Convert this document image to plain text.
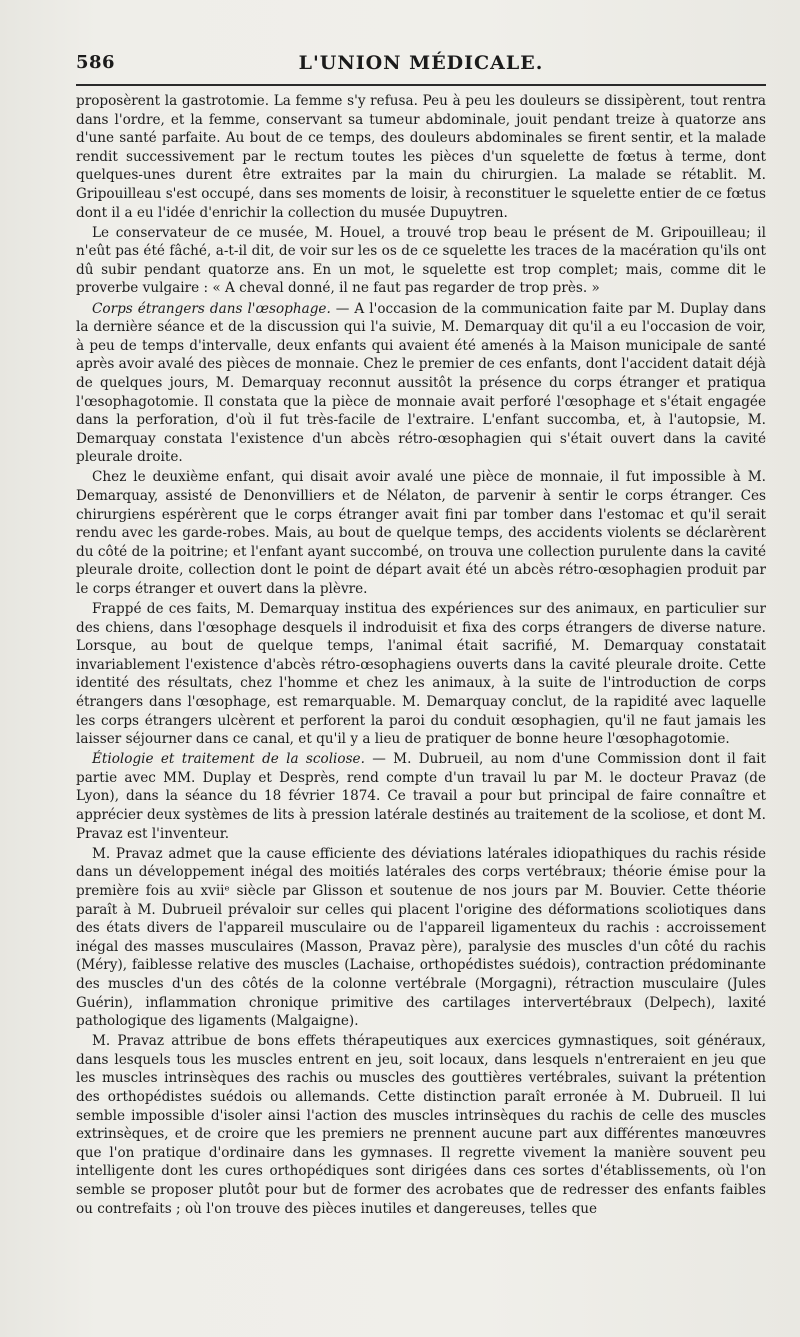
586	L'UNION MÉDICALE.

proposèrent la gastrotomie. La femme s'y refusa. Peu à peu les douleurs se dissipèrent, tout rentra dans l'ordre, et la femme, conservant sa tumeur abdominale, jouit pendant treize à quatorze ans d'une santé parfaite. Au bout de ce temps, des douleurs abdominales se firent sentir, et la malade rendit successivement par le rectum toutes les pièces d'un squelette de fœtus à terme, dont quelques-unes durent être extraites par la main du chirurgien. La malade se rétablit. M. Gripouilleau s'est occupé, dans ses moments de loisir, à reconstituer le squelette entier de ce fœtus dont il a eu l'idée d'enrichir la collection du musée Dupuytren.

Le conservateur de ce musée, M. Houel, a trouvé trop beau le présent de M. Gripouilleau; il n'eût pas été fâché, a-t-il dit, de voir sur les os de ce squelette les traces de la macération qu'ils ont dû subir pendant quatorze ans. En un mot, le squelette est trop complet; mais, comme dit le proverbe vulgaire : « A cheval donné, il ne faut pas regarder de trop près. »

Corps étrangers dans l'œsophage. — A l'occasion de la communication faite par M. Duplay dans la dernière séance et de la discussion qui l'a suivie, M. Demarquay dit qu'il a eu l'occasion de voir, à peu de temps d'intervalle, deux enfants qui avaient été amenés à la Maison municipale de santé après avoir avalé des pièces de monnaie. Chez le premier de ces enfants, dont l'accident datait déjà de quelques jours, M. Demarquay reconnut aussitôt la présence du corps étranger et pratiqua l'œsophagotomie. Il constata que la pièce de monnaie avait perforé l'œsophage et s'était engagée dans la perforation, d'où il fut très-facile de l'extraire. L'enfant succomba, et, à l'autopsie, M. Demarquay constata l'existence d'un abcès rétro-œsophagien qui s'était ouvert dans la cavité pleurale droite.

Chez le deuxième enfant, qui disait avoir avalé une pièce de monnaie, il fut impossible à M. Demarquay, assisté de Denonvilliers et de Nélaton, de parvenir à sentir le corps étranger. Ces chirurgiens espérèrent que le corps étranger avait fini par tomber dans l'estomac et qu'il serait rendu avec les garde-robes. Mais, au bout de quelque temps, des accidents violents se déclarèrent du côté de la poitrine; et l'enfant ayant succombé, on trouva une collection purulente dans la cavité pleurale droite, collection dont le point de départ avait été un abcès rétro-œsophagien produit par le corps étranger et ouvert dans la plèvre.

Frappé de ces faits, M. Demarquay institua des expériences sur des animaux, en particulier sur des chiens, dans l'œsophage desquels il indroduisit et fixa des corps étrangers de diverse nature. Lorsque, au bout de quelque temps, l'animal était sacrifié, M. Demarquay constatait invariablement l'existence d'abcès rétro-œsophagiens ouverts dans la cavité pleurale droite. Cette identité des résultats, chez l'homme et chez les animaux, à la suite de l'introduction de corps étrangers dans l'œsophage, est remarquable. M. Demarquay conclut, de la rapidité avec laquelle les corps étrangers ulcèrent et perforent la paroi du conduit œsophagien, qu'il ne faut jamais les laisser séjourner dans ce canal, et qu'il y a lieu de pratiquer de bonne heure l'œsophagotomie.

Étiologie et traitement de la scoliose. — M. Dubrueil, au nom d'une Commission dont il fait partie avec MM. Duplay et Desprès, rend compte d'un travail lu par M. le docteur Pravaz (de Lyon), dans la séance du 18 février 1874. Ce travail a pour but principal de faire connaître et apprécier deux systèmes de lits à pression latérale destinés au traitement de la scoliose, et dont M. Pravaz est l'inventeur.

M. Pravaz admet que la cause efficiente des déviations latérales idiopathiques du rachis réside dans un développement inégal des moitiés latérales des corps vertébraux; théorie émise pour la première fois au xviiᵉ siècle par Glisson et soutenue de nos jours par M. Bouvier. Cette théorie paraît à M. Dubrueil prévaloir sur celles qui placent l'origine des déformations scoliotiques dans des états divers de l'appareil musculaire ou de l'appareil ligamenteux du rachis : accroissement inégal des masses musculaires (Masson, Pravaz père), paralysie des muscles d'un côté du rachis (Méry), faiblesse relative des muscles (Lachaise, orthopédistes suédois), contraction prédominante des muscles d'un des côtés de la colonne vertébrale (Morgagni), rétraction musculaire (Jules Guérin), inflammation chronique primitive des cartilages intervertébraux (Delpech), laxité pathologique des ligaments (Malgaigne).

M. Pravaz attribue de bons effets thérapeutiques aux exercices gymnastiques, soit généraux, dans lesquels tous les muscles entrent en jeu, soit locaux, dans lesquels n'entreraient en jeu que les muscles intrinsèques des rachis ou muscles des gouttières vertébrales, suivant la prétention des orthopédistes suédois ou allemands. Cette distinction paraît erronée à M. Dubrueil. Il lui semble impossible d'isoler ainsi l'action des muscles intrinsèques du rachis de celle des muscles extrinsèques, et de croire que les premiers ne prennent aucune part aux différentes manœuvres que l'on pratique d'ordinaire dans les gymnases. Il regrette vivement la manière souvent peu intelligente dont les cures orthopédiques sont dirigées dans ces sortes d'établissements, où l'on semble se proposer plutôt pour but de former des acrobates que de redresser des enfants faibles ou contrefaits ; où l'on trouve des pièces inutiles et dangereuses, telles que
